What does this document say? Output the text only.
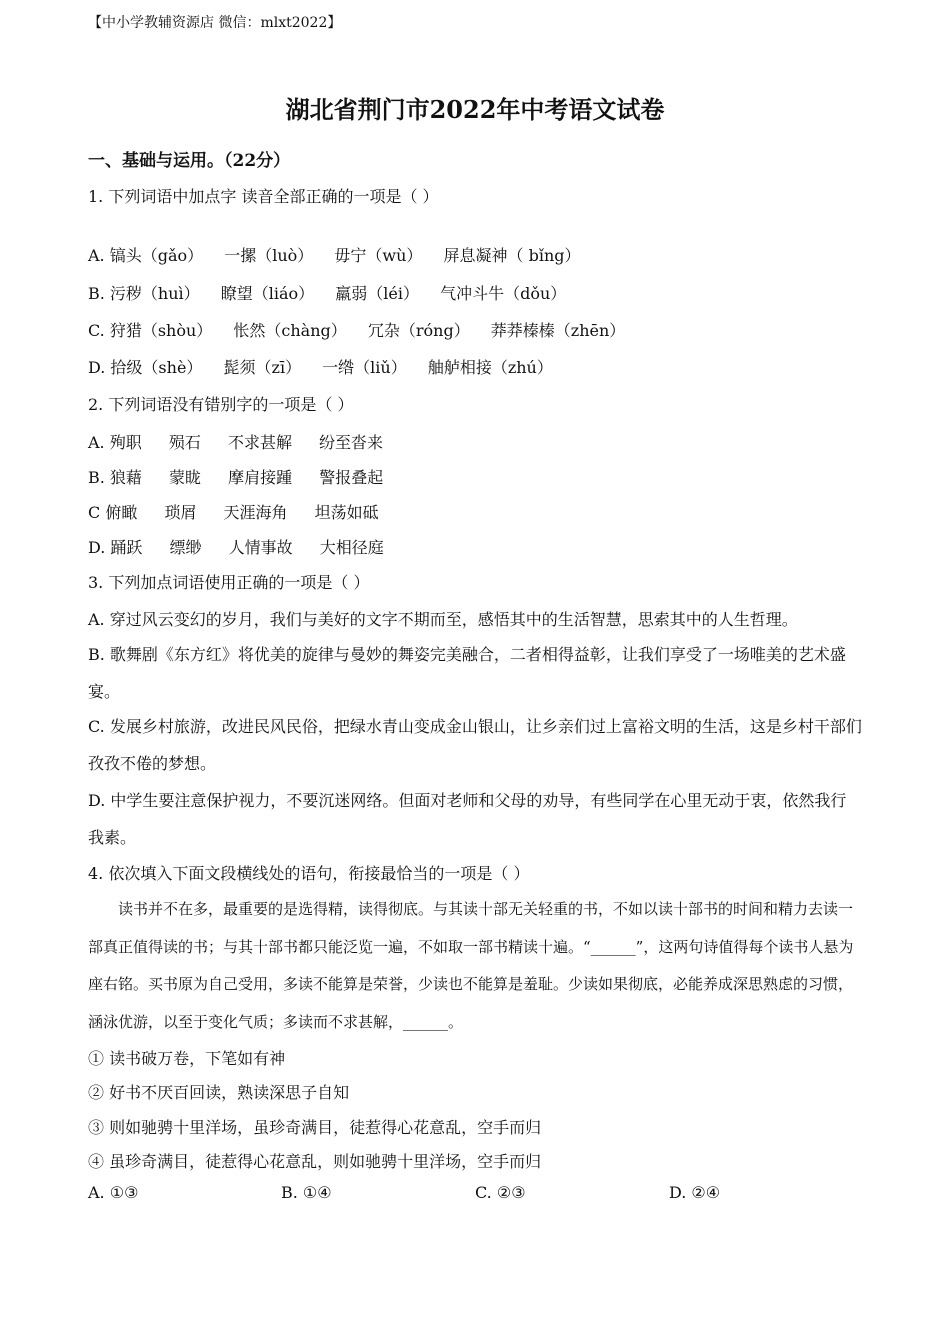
【中小学教辅资源店 微信：mlxt2022】
湖北省荆门市2022年中考语文试卷
一、基础与运用。（22分）
1. 下列词语中加点字 读音全部正确的一项是（ ）
A. 镐头（gǎo） 一摞（luò） 毋宁（wù） 屏息凝神（ bǐng）
B. 污秽（huì） 瞭望（liáo） 羸弱（léi） 气冲斗牛（dǒu）
C. 狩猎（shòu） 怅然（chàng） 冗杂（róng） 莽莽榛榛（zhēn）
D. 拾级（shè） 髭须（zī） 一绺（liǔ） 舳舻相接（zhú）
2. 下列词语没有错别字的一项是（ ）
A. 殉职 殒石 不求甚解 纷至沓来
B. 狼藉 蒙眬 摩肩接踵 警报叠起
C 俯瞰 琐屑 天涯海角 坦荡如砥
D. 踊跃 缥缈 人情事故 大相径庭
3. 下列加点词语使用正确的一项是（ ）
A. 穿过风云变幻的岁月，我们与美好的文字不期而至，感悟其中的生活智慧，思索其中的人生哲理。
B. 歌舞剧《东方红》将优美的旋律与曼妙的舞姿完美融合，二者相得益彰，让我们享受了一场唯美的艺术盛宴。
C. 发展乡村旅游，改进民风民俗，把绿水青山变成金山银山，让乡亲们过上富裕文明的生活，这是乡村干部们孜孜不倦的梦想。
D. 中学生要注意保护视力，不要沉迷网络。但面对老师和父母的劝导，有些同学在心里无动于衷，依然我行我素。
4. 依次填入下面文段横线处的语句，衔接最恰当的一项是（ ）
读书并不在多，最重要的是选得精，读得彻底。与其读十部无关轻重的书，不如以读十部书的时间和精力去读一部真正值得读的书；与其十部书都只能泛览一遍，不如取一部书精读十遍。“______”，这两句诗值得每个读书人悬为座右铭。买书原为自己受用，多读不能算是荣誉，少读也不能算是羞耻。少读如果彻底，必能养成深思熟虑的习惯，涵泳优游，以至于变化气质；多读而不求甚解，______。
① 读书破万卷，下笔如有神
② 好书不厌百回读，熟读深思子自知
③ 则如驰骋十里洋场，虽珍奇满目，徒惹得心花意乱，空手而归
④ 虽珍奇满目，徒惹得心花意乱，则如驰骋十里洋场，空手而归
A. ①③	B. ①④	C. ②③	D. ②④
